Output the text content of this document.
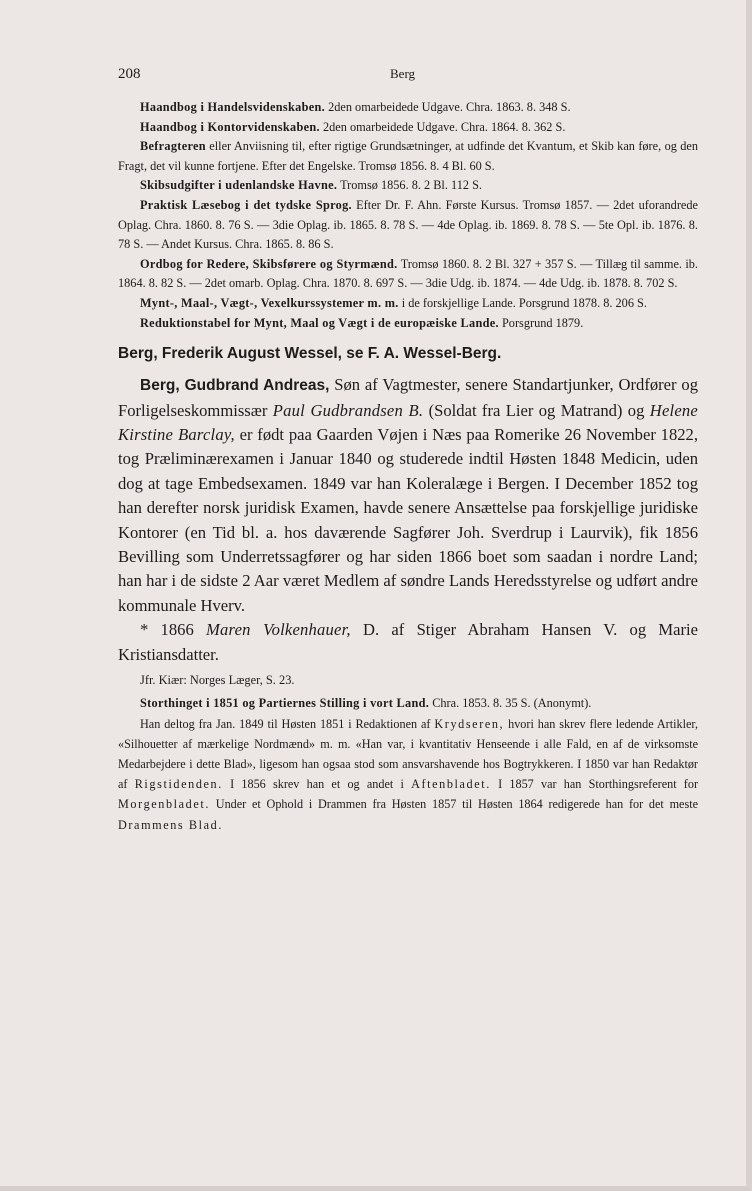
208	Berg

Haandbog i Handelsvidenskaben. 2den omarbeidede Udgave. Chra. 1863. 8. 348 S.

Haandbog i Kontorvidenskaben. 2den omarbeidede Udgave. Chra. 1864. 8. 362 S.

Befragteren eller Anviisning til, efter rigtige Grundsætninger, at udfinde det Kvantum, et Skib kan føre, og den Fragt, det vil kunne fortjene. Efter det Engelske. Tromsø 1856. 8. 4 Bl. 60 S.

Skibsudgifter i udenlandske Havne. Tromsø 1856. 8. 2 Bl. 112 S.

Praktisk Læsebog i det tydske Sprog. Efter Dr. F. Ahn. Første Kursus. Tromsø 1857. — 2det uforandrede Oplag. Chra. 1860. 8. 76 S. — 3die Oplag. ib. 1865. 8. 78 S. — 4de Oplag. ib. 1869. 8. 78 S. — 5te Opl. ib. 1876. 8. 78 S. — Andet Kursus. Chra. 1865. 8. 86 S.

Ordbog for Redere, Skibsførere og Styrmænd. Tromsø 1860. 8. 2 Bl. 327 + 357 S. — Tillæg til samme. ib. 1864. 8. 82 S. — 2det omarb. Oplag. Chra. 1870. 8. 697 S. — 3die Udg. ib. 1874. — 4de Udg. ib. 1878. 8. 702 S.

Mynt-, Maal-, Vægt-, Vexelkurssystemer m. m. i de forskjellige Lande. Porsgrund 1878. 8. 206 S.

Reduktionstabel for Mynt, Maal og Vægt i de europæiske Lande. Porsgrund 1879.

Berg, Frederik August Wessel, se F. A. Wessel-Berg.

Berg, Gudbrand Andreas, Søn af Vagtmester, senere Standartjunker, Ordfører og Forligelseskommissær Paul Gudbrandsen B. (Soldat fra Lier og Matrand) og Helene Kirstine Barclay, er født paa Gaarden Vøjen i Næs paa Romerike 26 November 1822, tog Præliminærexamen i Januar 1840 og studerede indtil Høsten 1848 Medicin, uden dog at tage Embedsexamen. 1849 var han Koleralæge i Bergen. I December 1852 tog han derefter norsk juridisk Examen, havde senere Ansættelse paa forskjellige juridiske Kontorer (en Tid bl. a. hos daværende Sagfører Joh. Sverdrup i Laurvik), fik 1856 Bevilling som Underretssagfører og har siden 1866 boet som saadan i nordre Land; han har i de sidste 2 Aar været Medlem af søndre Lands Heredsstyrelse og udført andre kommunale Hverv.

* 1866 Maren Volkenhauer, D. af Stiger Abraham Hansen V. og Marie Kristiansdatter.

Jfr. Kiær: Norges Læger, S. 23.

Storthinget i 1851 og Partiernes Stilling i vort Land. Chra. 1853. 8. 35 S. (Anonymt).

Han deltog fra Jan. 1849 til Høsten 1851 i Redaktionen af Krydseren, hvori han skrev flere ledende Artikler, «Silhouetter af mærkelige Nordmænd» m. m. «Han var, i kvantitativ Henseende i alle Fald, en af de virksomste Medarbejdere i dette Blad», ligesom han ogsaa stod som ansvarshavende hos Bogtrykkeren. I 1850 var han Redaktør af Rigstidenden. I 1856 skrev han et og andet i Aftenbladet. I 1857 var han Storthingsreferent for Morgenbladet. Under et Ophold i Drammen fra Høsten 1857 til Høsten 1864 redigerede han for det meste Drammens Blad.
